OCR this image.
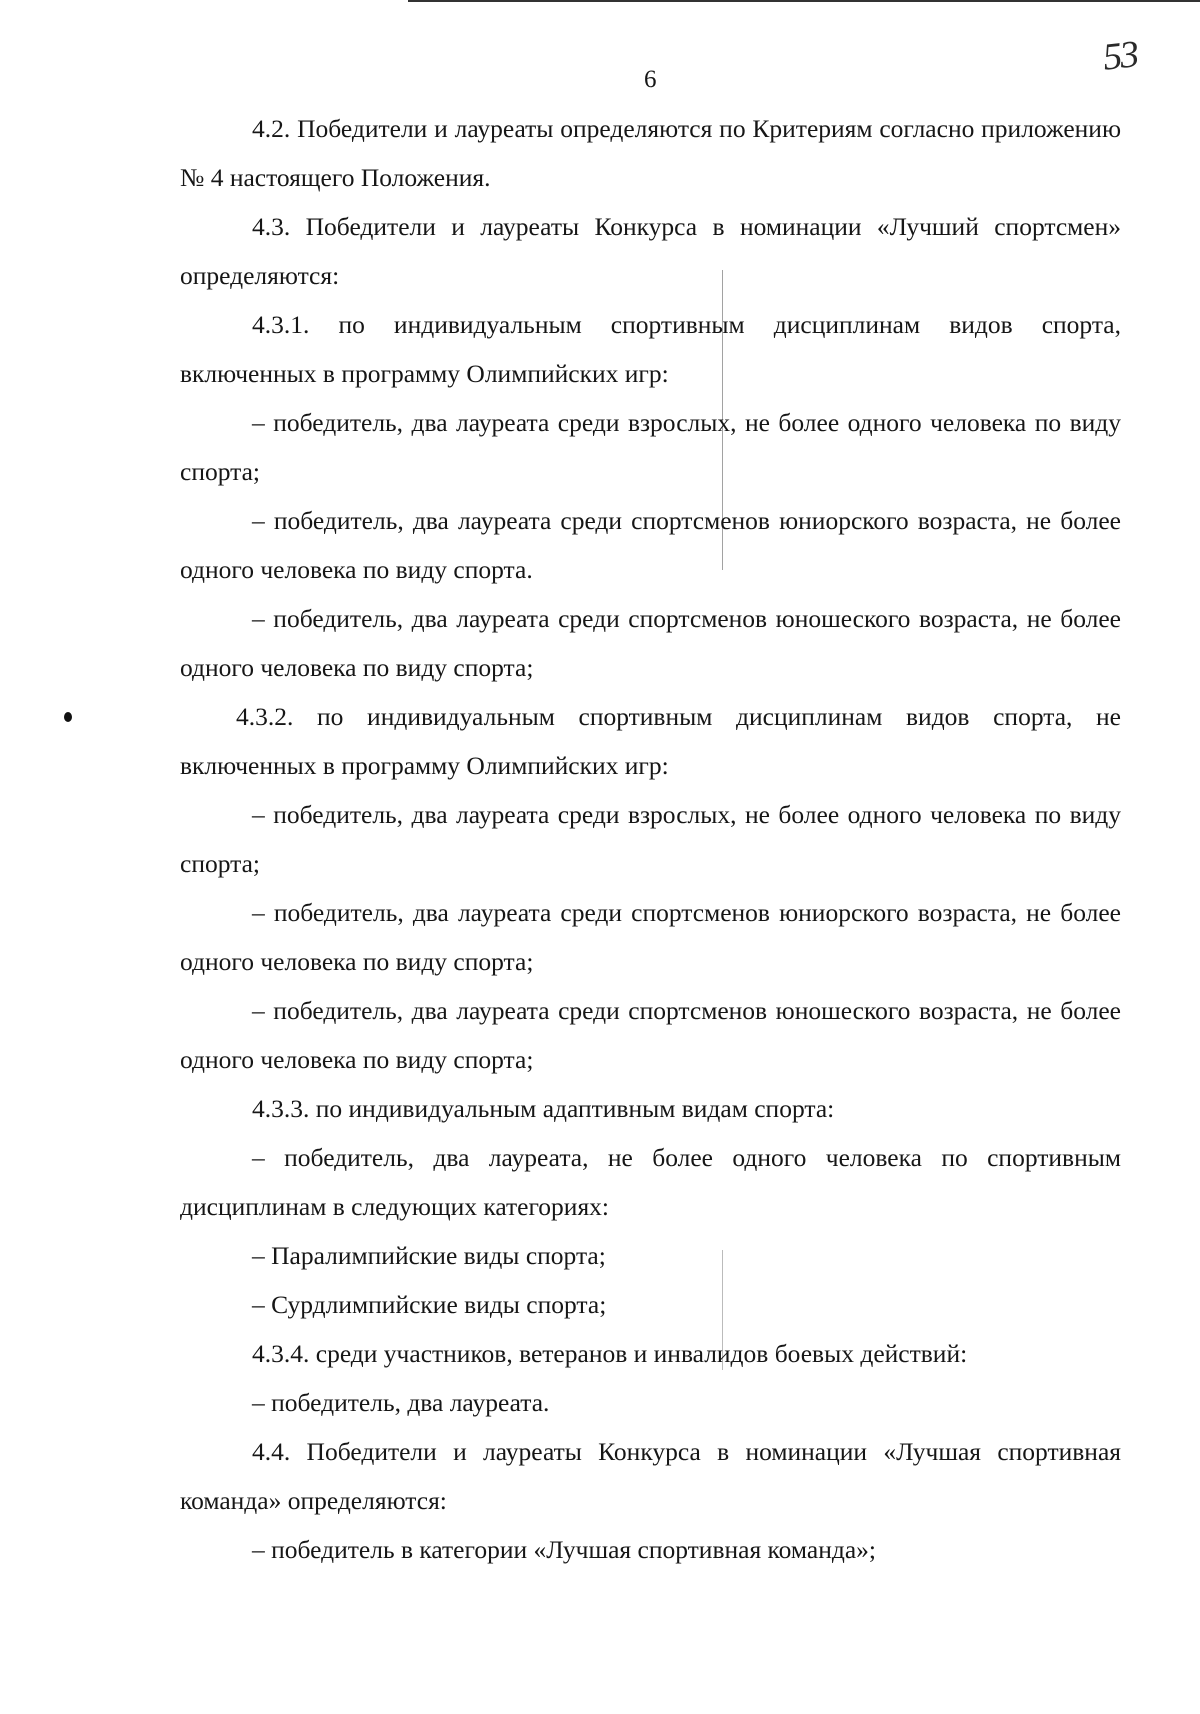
6
53

4.2. Победители и лауреаты определяются по Критериям согласно приложению № 4 настоящего Положения.

4.3. Победители и лауреаты Конкурса в номинации «Лучший спортсмен» определяются:

4.3.1. по индивидуальным спортивным дисциплинам видов спорта, включенных в программу Олимпийских игр:

– победитель, два лауреата среди взрослых, не более одного человека по виду спорта;

– победитель, два лауреата среди спортсменов юниорского возраста, не более одного человека по виду спорта.

– победитель, два лауреата среди спортсменов юношеского возраста, не более одного человека по виду спорта;

4.3.2. по индивидуальным спортивным дисциплинам видов спорта, не включенных в программу Олимпийских игр:

– победитель, два лауреата среди взрослых, не более одного человека по виду спорта;

– победитель, два лауреата среди спортсменов юниорского возраста, не более одного человека по виду спорта;

– победитель, два лауреата среди спортсменов юношеского возраста, не более одного человека по виду спорта;

4.3.3. по индивидуальным адаптивным видам спорта:

– победитель, два лауреата, не более одного человека по спортивным дисциплинам в следующих категориях:

– Паралимпийские виды спорта;

– Сурдлимпийские виды спорта;

4.3.4. среди участников, ветеранов и инвалидов боевых действий:

– победитель, два лауреата.

4.4. Победители и лауреаты Конкурса в номинации «Лучшая спортивная команда» определяются:

– победитель в категории «Лучшая спортивная команда»;
